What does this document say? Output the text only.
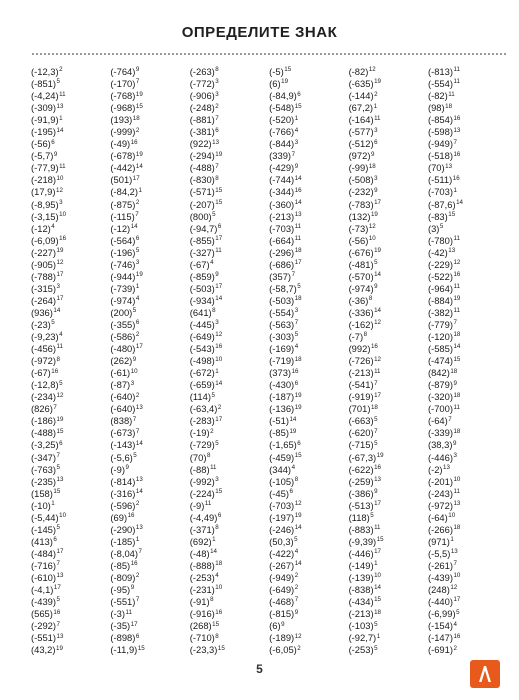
ОПРЕДЕЛИТЕ ЗНАК
$(-12,3)^2$
$(-851)^5$
$(-4,24)^{11}$
$(-309)^{13}$
$(-91,9)^1$
$(-195)^{14}$
$(-56)^6$
$(-5,7)^9$
$(-77,9)^{11}$
$(-218)^{10}$
$(17,9)^{12}$
$(-8,95)^3$
$(-3,15)^{10}$
$(-12)^4$
$(-6,09)^{16}$
$(-227)^{19}$
$(-905)^{12}$
$(-788)^{17}$
$(-315)^3$
$(-264)^{17}$
$(936)^{14}$
$(-23)^5$
$(-9,23)^4$
$(-456)^{11}$
$(-972)^8$
$(-67)^{16}$
$(-12,8)^5$
$(-234)^{12}$
$(826)^7$
$(-186)^{19}$
$(-488)^{15}$
$(-3,25)^6$
$(-347)^7$
$(-763)^5$
$(-235)^{13}$
$(158)^{15}$
$(-10)^1$
$(-5,44)^{10}$
$(-145)^5$
$(413)^6$
$(-484)^{17}$
$(-716)^7$
$(-610)^{13}$
$(-4,1)^{17}$
$(-439)^5$
$(565)^{16}$
$(-292)^7$
$(-551)^{13}$
$(43,2)^{19}$
$(-764)^9$
$(-170)^7$
$(-768)^{19}$
$(-968)^{15}$
$(193)^{18}$
$(-999)^2$
$(-49)^{16}$
$(-678)^{19}$
$(-442)^{14}$
$(501)^{17}$
$(-84,2)^1$
$(-875)^2$
$(-115)^7$
$(-12)^{14}$
$(-564)^6$
$(-196)^5$
$(-746)^3$
$(-944)^{19}$
$(-739)^1$
$(-974)^4$
$(200)^5$
$(-355)^6$
$(-586)^2$
$(-480)^{17}$
$(262)^9$
$(-61)^{10}$
$(-87)^3$
$(-640)^2$
$(-640)^{13}$
$(838)^7$
$(-673)^7$
$(-143)^{14}$
$(-5,6)^5$
$(-9)^9$
$(-814)^{13}$
$(-316)^{14}$
$(-596)^2$
$(69)^{16}$
$(-290)^{13}$
$(-185)^1$
$(-8,04)^7$
$(-85)^{16}$
$(-809)^2$
$(-95)^9$
$(-551)^7$
$(-3)^{11}$
$(-35)^{17}$
$(-898)^6$
$(-11,9)^{15}$
$(-263)^8$
$(-772)^3$
$(-906)^3$
$(-248)^2$
$(-881)^7$
$(-381)^6$
$(922)^{13}$
$(-294)^{19}$
$(-488)^7$
$(-830)^8$
$(-571)^{15}$
$(-207)^{15}$
$(800)^5$
$(-94,7)^6$
$(-855)^{17}$
$(-327)^{11}$
$(-67)^4$
$(-859)^9$
$(-503)^{17}$
$(-934)^{14}$
$(641)^8$
$(-445)^3$
$(-649)^{12}$
$(-543)^{16}$
$(-498)^{10}$
$(-672)^1$
$(-659)^{14}$
$(114)^5$
$(-63,4)^2$
$(-283)^{17}$
$(-19)^2$
$(-729)^5$
$(70)^8$
$(-88)^{11}$
$(-992)^3$
$(-224)^{15}$
$(-9)^{11}$
$(-4,49)^6$
$(-371)^8$
$(692)^1$
$(-48)^{14}$
$(-888)^{18}$
$(-253)^4$
$(-231)^{10}$
$(-91)^8$
$(-916)^{16}$
$(268)^{15}$
$(-710)^8$
$(-23,3)^{15}$
$(-5)^{15}$
$(6)^{19}$
$(-84,9)^6$
$(-548)^{15}$
$(-520)^1$
$(-766)^4$
$(-844)^3$
$(339)^7$
$(-429)^9$
$(-744)^{14}$
$(-344)^{16}$
$(-360)^{14}$
$(-213)^{13}$
$(-703)^{11}$
$(-664)^{11}$
$(-296)^{18}$
$(-686)^{17}$
$(357)^7$
$(-58,7)^5$
$(-503)^{18}$
$(-554)^3$
$(-563)^7$
$(-303)^5$
$(-169)^4$
$(-719)^{18}$
$(373)^{16}$
$(-430)^6$
$(-187)^{19}$
$(-136)^{19}$
$(-51)^{14}$
$(-85)^{19}$
$(-1,65)^6$
$(-459)^{15}$
$(344)^4$
$(-105)^8$
$(-45)^6$
$(-703)^{12}$
$(-197)^{19}$
$(-246)^{14}$
$(50,3)^5$
$(-422)^4$
$(-267)^{14}$
$(-949)^2$
$(-649)^2$
$(-468)^7$
$(-815)^9$
$(6)^9$
$(-189)^{12}$
$(-6,05)^2$
$(-82)^{12}$
$(-635)^{19}$
$(-144)^2$
$(67,2)^1$
$(-164)^{11}$
$(-577)^3$
$(-512)^6$
$(972)^9$
$(-99)^{18}$
$(-508)^3$
$(-232)^9$
$(-783)^{17}$
$(132)^{19}$
$(-73)^{12}$
$(-56)^{10}$
$(-676)^{19}$
$(-481)^5$
$(-570)^{14}$
$(-974)^9$
$(-36)^8$
$(-336)^{14}$
$(-162)^{12}$
$(-7)^8$
$(992)^{16}$
$(-726)^{12}$
$(-213)^{11}$
$(-541)^7$
$(-919)^{17}$
$(701)^{18}$
$(-663)^5$
$(-620)^7$
$(-715)^5$
$(-67,3)^{19}$
$(-622)^{16}$
$(-259)^{13}$
$(-386)^9$
$(-513)^{17}$
$(118)^5$
$(-883)^{11}$
$(-9,39)^{15}$
$(-446)^{17}$
$(-149)^1$
$(-139)^{10}$
$(-838)^{14}$
$(-434)^{15}$
$(-213)^{18}$
$(-103)^5$
$(-92,7)^1$
$(-253)^5$
$(-813)^{11}$
$(-554)^{11}$
$(-82)^{11}$
$(98)^{18}$
$(-854)^{16}$
$(-598)^{13}$
$(-949)^7$
$(-518)^{16}$
$(70)^{13}$
$(-511)^{16}$
$(-703)^1$
$(-87,6)^{14}$
$(-83)^{15}$
$(3)^5$
$(-780)^{11}$
$(-42)^{13}$
$(-229)^{12}$
$(-522)^{16}$
$(-964)^{11}$
$(-884)^{19}$
$(-382)^{11}$
$(-779)^7$
$(-120)^{18}$
$(-585)^{14}$
$(-474)^{15}$
$(842)^{18}$
$(-879)^9$
$(-320)^{18}$
$(-700)^{11}$
$(-64)^7$
$(-339)^{18}$
$(38,3)^9$
$(-446)^3$
$(-2)^{13}$
$(-201)^{10}$
$(-243)^{11}$
$(-972)^{13}$
$(-64)^{10}$
$(-266)^{18}$
$(971)^1$
$(-5,5)^{13}$
$(-261)^7$
$(-439)^{10}$
$(248)^{12}$
$(-440)^{17}$
$(-6,99)^5$
$(-154)^4$
$(-147)^{16}$
$(-691)^2$
5
